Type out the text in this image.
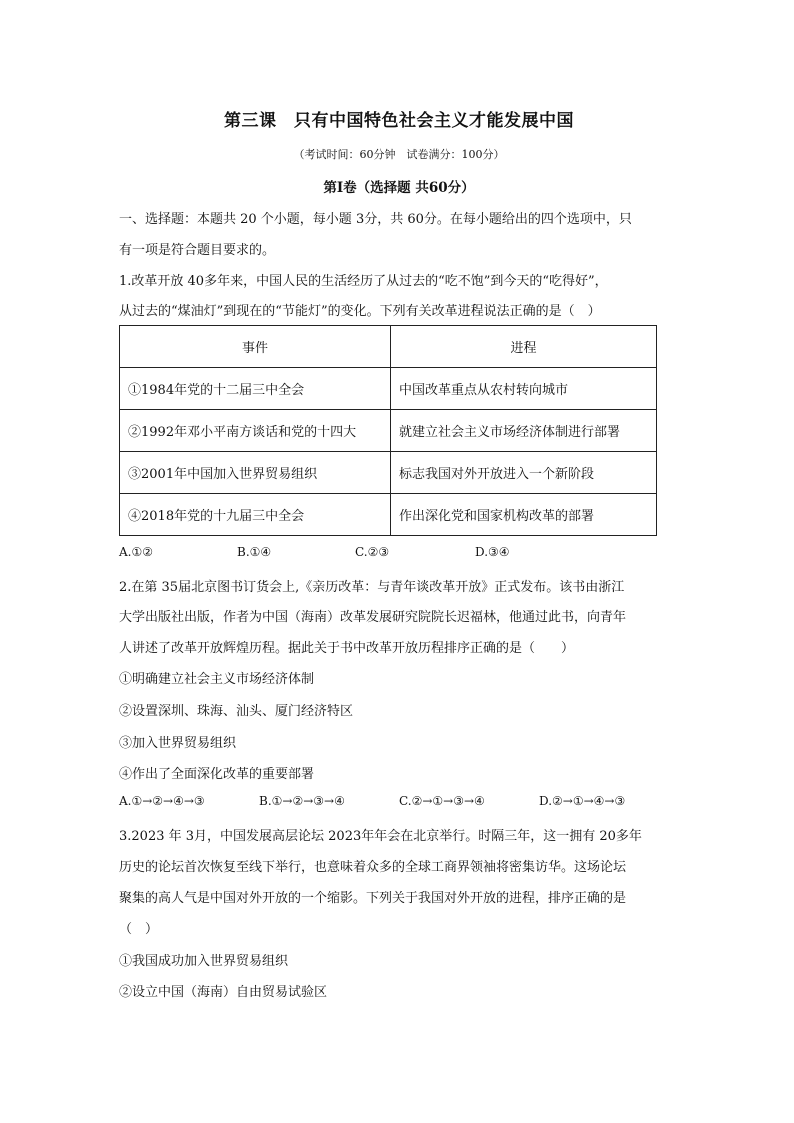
第三课　只有中国特色社会主义才能发展中国
（考试时间：60分钟　试卷满分：100分）
第Ⅰ卷（选择题 共60分）
一、选择题：本题共 20 个小题，每小题 3分，共 60分。在每小题给出的四个选项中，只
有一项是符合题目要求的。
1.改革开放 40多年来，中国人民的生活经历了从过去的“吃不饱”到今天的“吃得好”，
从过去的“煤油灯”到现在的“节能灯”的变化。下列有关改革进程说法正确的是（　）
事件	进程
①1984年党的十二届三中全会	中国改革重点从农村转向城市
②1992年邓小平南方谈话和党的十四大	就建立社会主义市场经济体制进行部署
③2001年中国加入世界贸易组织	标志我国对外开放进入一个新阶段
④2018年党的十九届三中全会	作出深化党和国家机构改革的部署
A.①②	B.①④	C.②③	D.③④
2.在第 35届北京图书订货会上,《亲历改革：与青年谈改革开放》正式发布。该书由浙江
大学出版社出版，作者为中国（海南）改革发展研究院院长迟福林，他通过此书，向青年
人讲述了改革开放辉煌历程。据此关于书中改革开放历程排序正确的是（　　）
①明确建立社会主义市场经济体制
②设置深圳、珠海、汕头、厦门经济特区
③加入世界贸易组织
④作出了全面深化改革的重要部署
A.①→②→④→③	B.①→②→③→④	C.②→①→③→④	D.②→①→④→③
3.2023 年 3月，中国发展高层论坛 2023年年会在北京举行。时隔三年，这一拥有 20多年
历史的论坛首次恢复至线下举行，也意味着众多的全球工商界领袖将密集访华。这场论坛
聚集的高人气是中国对外开放的一个缩影。下列关于我国对外开放的进程，排序正确的是
（　）
①我国成功加入世界贸易组织
②设立中国（海南）自由贸易试验区
